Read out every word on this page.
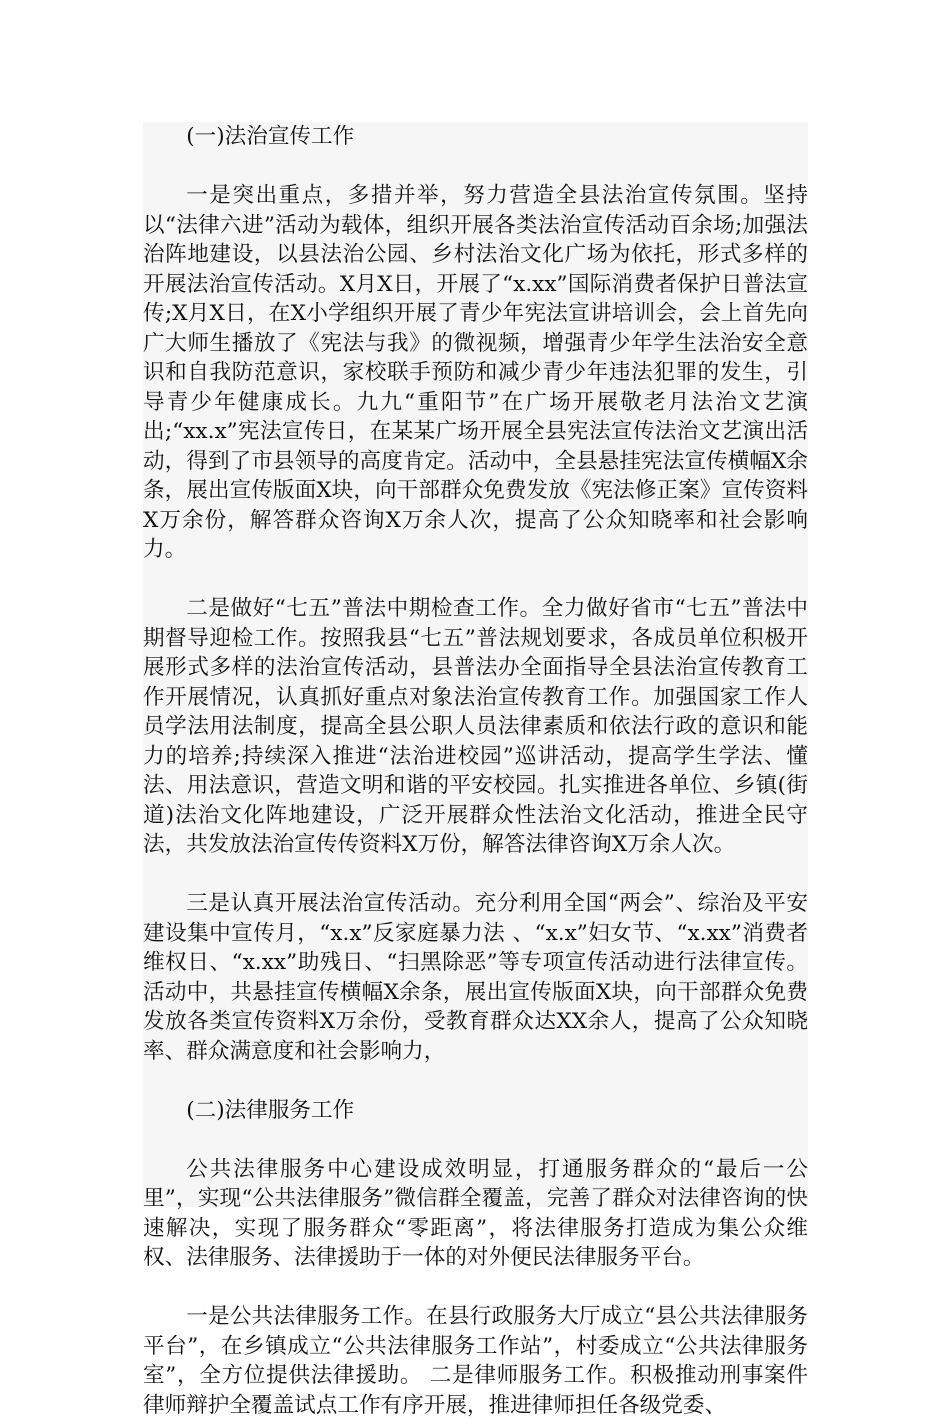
(一)法治宣传工作

一是突出重点，多措并举，努力营造全县法治宣传氛围。坚持以“法律六进”活动为载体，组织开展各类法治宣传活动百余场;加强法治阵地建设，以县法治公园、乡村法治文化广场为依托，形式多样的开展法治宣传活动。X月X日，开展了“x.xx”国际消费者保护日普法宣传;X月X日，在X小学组织开展了青少年宪法宣讲培训会，会上首先向广大师生播放了《宪法与我》的微视频，增强青少年学生法治安全意识和自我防范意识，家校联手预防和减少青少年违法犯罪的发生，引导青少年健康成长。九九“重阳节”在广场开展敬老月法治文艺演出;“xx.x”宪法宣传日，在某某广场开展全县宪法宣传法治文艺演出活动，得到了市县领导的高度肯定。活动中，全县悬挂宪法宣传横幅X余条，展出宣传版面X块，向干部群众免费发放《宪法修正案》宣传资料X万余份，解答群众咨询X万余人次，提高了公众知晓率和社会影响力。

二是做好“七五”普法中期检查工作。全力做好省市“七五”普法中期督导迎检工作。按照我县“七五”普法规划要求，各成员单位积极开展形式多样的法治宣传活动，县普法办全面指导全县法治宣传教育工作开展情况，认真抓好重点对象法治宣传教育工作。加强国家工作人员学法用法制度，提高全县公职人员法律素质和依法行政的意识和能力的培养;持续深入推进“法治进校园”巡讲活动，提高学生学法、懂法、用法意识，营造文明和谐的平安校园。扎实推进各单位、乡镇(街道)法治文化阵地建设，广泛开展群众性法治文化活动，推进全民守法，共发放法治宣传传资料X万份，解答法律咨询X万余人次。

三是认真开展法治宣传活动。充分利用全国“两会”、综治及平安建设集中宣传月，“x.x”反家庭暴力法 、“x.x”妇女节、“x.xx”消费者维权日、“x.xx”助残日、“扫黑除恶”等专项宣传活动进行法律宣传。活动中，共悬挂宣传横幅X余条，展出宣传版面X块，向干部群众免费发放各类宣传资料X万余份，受教育群众达XX余人，提高了公众知晓率、群众满意度和社会影响力，

(二)法律服务工作

公共法律服务中心建设成效明显，打通服务群众的“最后一公里”，实现“公共法律服务”微信群全覆盖，完善了群众对法律咨询的快速解决，实现了服务群众“零距离”，将法律服务打造成为集公众维权、法律服务、法律援助于一体的对外便民法律服务平台。

一是公共法律服务工作。在县行政服务大厅成立“县公共法律服务平台”，在乡镇成立“公共法律服务工作站”，村委成立“公共法律服务室”，全方位提供法律援助。 二是律师服务工作。积极推动刑事案件律师辩护全覆盖试点工作有序开展，推进律师担任各级党委、
